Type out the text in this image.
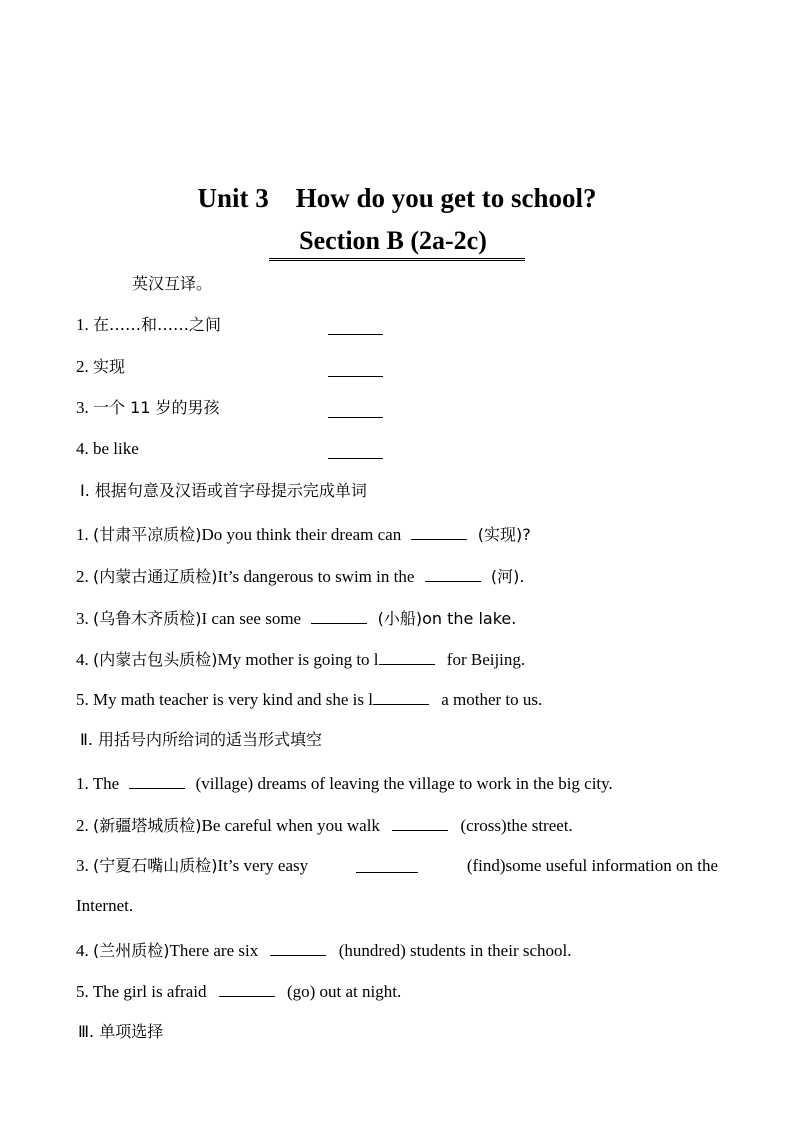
Unit 3    How do you get to school?
Section B (2a-2c)
英汉互译。
1. 在……和……之间
2. 实现
3. 一个 11 岁的男孩
4. be like
Ⅰ. 根据句意及汉语或首字母提示完成单词
1. (甘肃平凉质检)Do you think their dream can	(实现)?
2. (内蒙古通辽质检)It’s dangerous to swim in the	(河).
3. (乌鲁木齐质检)I can see some	(小船)on the lake.
4. (内蒙古包头质检)My mother is going to l	for Beijing.
5. My math teacher is very kind and she is l	a mother to us.
Ⅱ. 用括号内所给词的适当形式填空
1. The	(village) dreams of leaving the village to work in the big city.
2. (新疆塔城质检)Be careful when you walk	(cross)the street.
3. (宁夏石嘴山质检)It’s very easy	(find)some useful information on the
Internet.
4. (兰州质检)There are six	(hundred) students in their school.
5. The girl is afraid	(go) out at night.
Ⅲ. 单项选择
